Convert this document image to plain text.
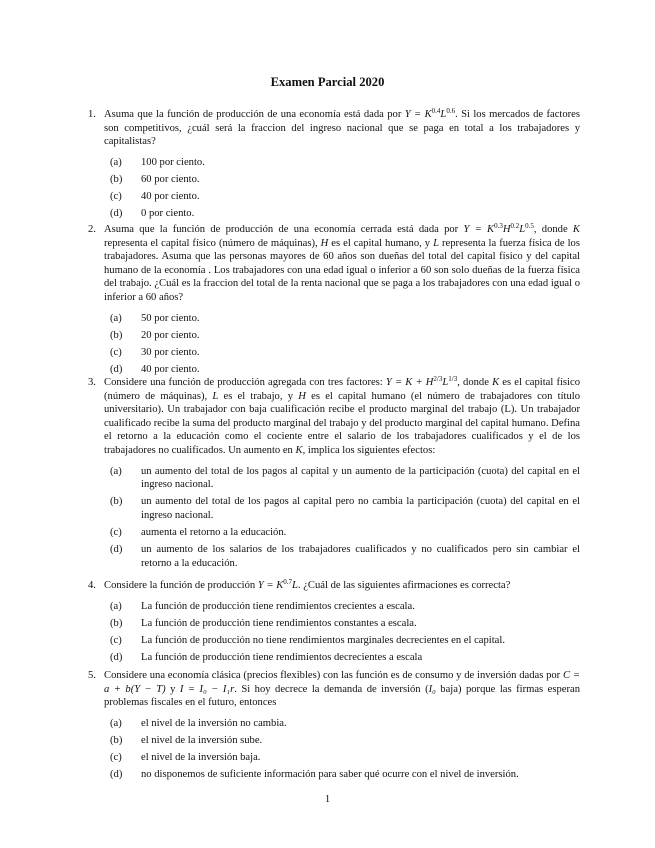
Examen Parcial 2020
1. Asuma que la función de producción de una economía está dada por $Y = K^{0.4}L^{0.6}$. Si los mercados de factores son competitivos, ¿cuál será la fraccion del ingreso nacional que se paga en total a los trabajadores y capitalistas?
(a) 100 por ciento.
(b) 60 por ciento.
(c) 40 por ciento.
(d) 0 por ciento.
2. Asuma que la función de producción de una economía cerrada está dada por $Y = K^{0.3}H^{0.2}L^{0.5}$, donde K representa el capital físico (número de máquinas), H es el capital humano, y L representa la fuerza física de los trabajadores. Asuma que las personas mayores de 60 años son dueñas del total del capital físico y del capital humano de la economía . Los trabajadores con una edad igual o inferior a 60 son solo dueñas de la fuerza física del trabajo. ¿Cuál es la fraccion del total de la renta nacional que se paga a los trabajadores con una edad igual o inferior a 60 años?
(a) 50 por ciento.
(b) 20 por ciento.
(c) 30 por ciento.
(d) 40 por ciento.
3. Considere una función de producción agregada con tres factores: $Y = K + H^{2/3}L^{1/3}$, donde K es el capital físico (número de máquinas), L es el trabajo, y H es el capital humano (el número de trabajadores con título universitario). Un trabajador con baja cualificación recibe el producto marginal del trabajo (L). Un trabajador cualificado recibe la suma del producto marginal del trabajo y del producto marginal del capital humano. Defina el retorno a la educación como el cociente entre el salario de los trabajadores cualificados y el de los trabajadores no cualificados. Un aumento en K, implica los siguientes efectos:
(a) un aumento del total de los pagos al capital y un aumento de la participación (cuota) del capital en el ingreso nacional.
(b) un aumento del total de los pagos al capital pero no cambia la participación (cuota) del capital en el ingreso nacional.
(c) aumenta el retorno a la educación.
(d) un aumento de los salarios de los trabajadores cualificados y no cualificados pero sin cambiar el retorno a la educación.
4. Considere la función de producción $Y = K^{0.7}L$. ¿Cuál de las siguientes afirmaciones es correcta?
(a) La función de producción tiene rendimientos crecientes a escala.
(b) La función de producción tiene rendimientos constantes a escala.
(c) La función de producción no tiene rendimientos marginales decrecientes en el capital.
(d) La función de producción tiene rendimientos decrecientes a escala
5. Considere una economía clásica (precios flexibles) con las función es de consumo y de inversión dadas por C = a + b(Y − T) y I = I₀ − I₁r. Si hoy decrece la demanda de inversión (I₀ baja) porque las firmas esperan problemas fiscales en el futuro, entonces
(a) el nivel de la inversión no cambia.
(b) el nivel de la inversión sube.
(c) el nivel de la inversión baja.
(d) no disponemos de suficiente información para saber qué ocurre con el nivel de inversión.
1
